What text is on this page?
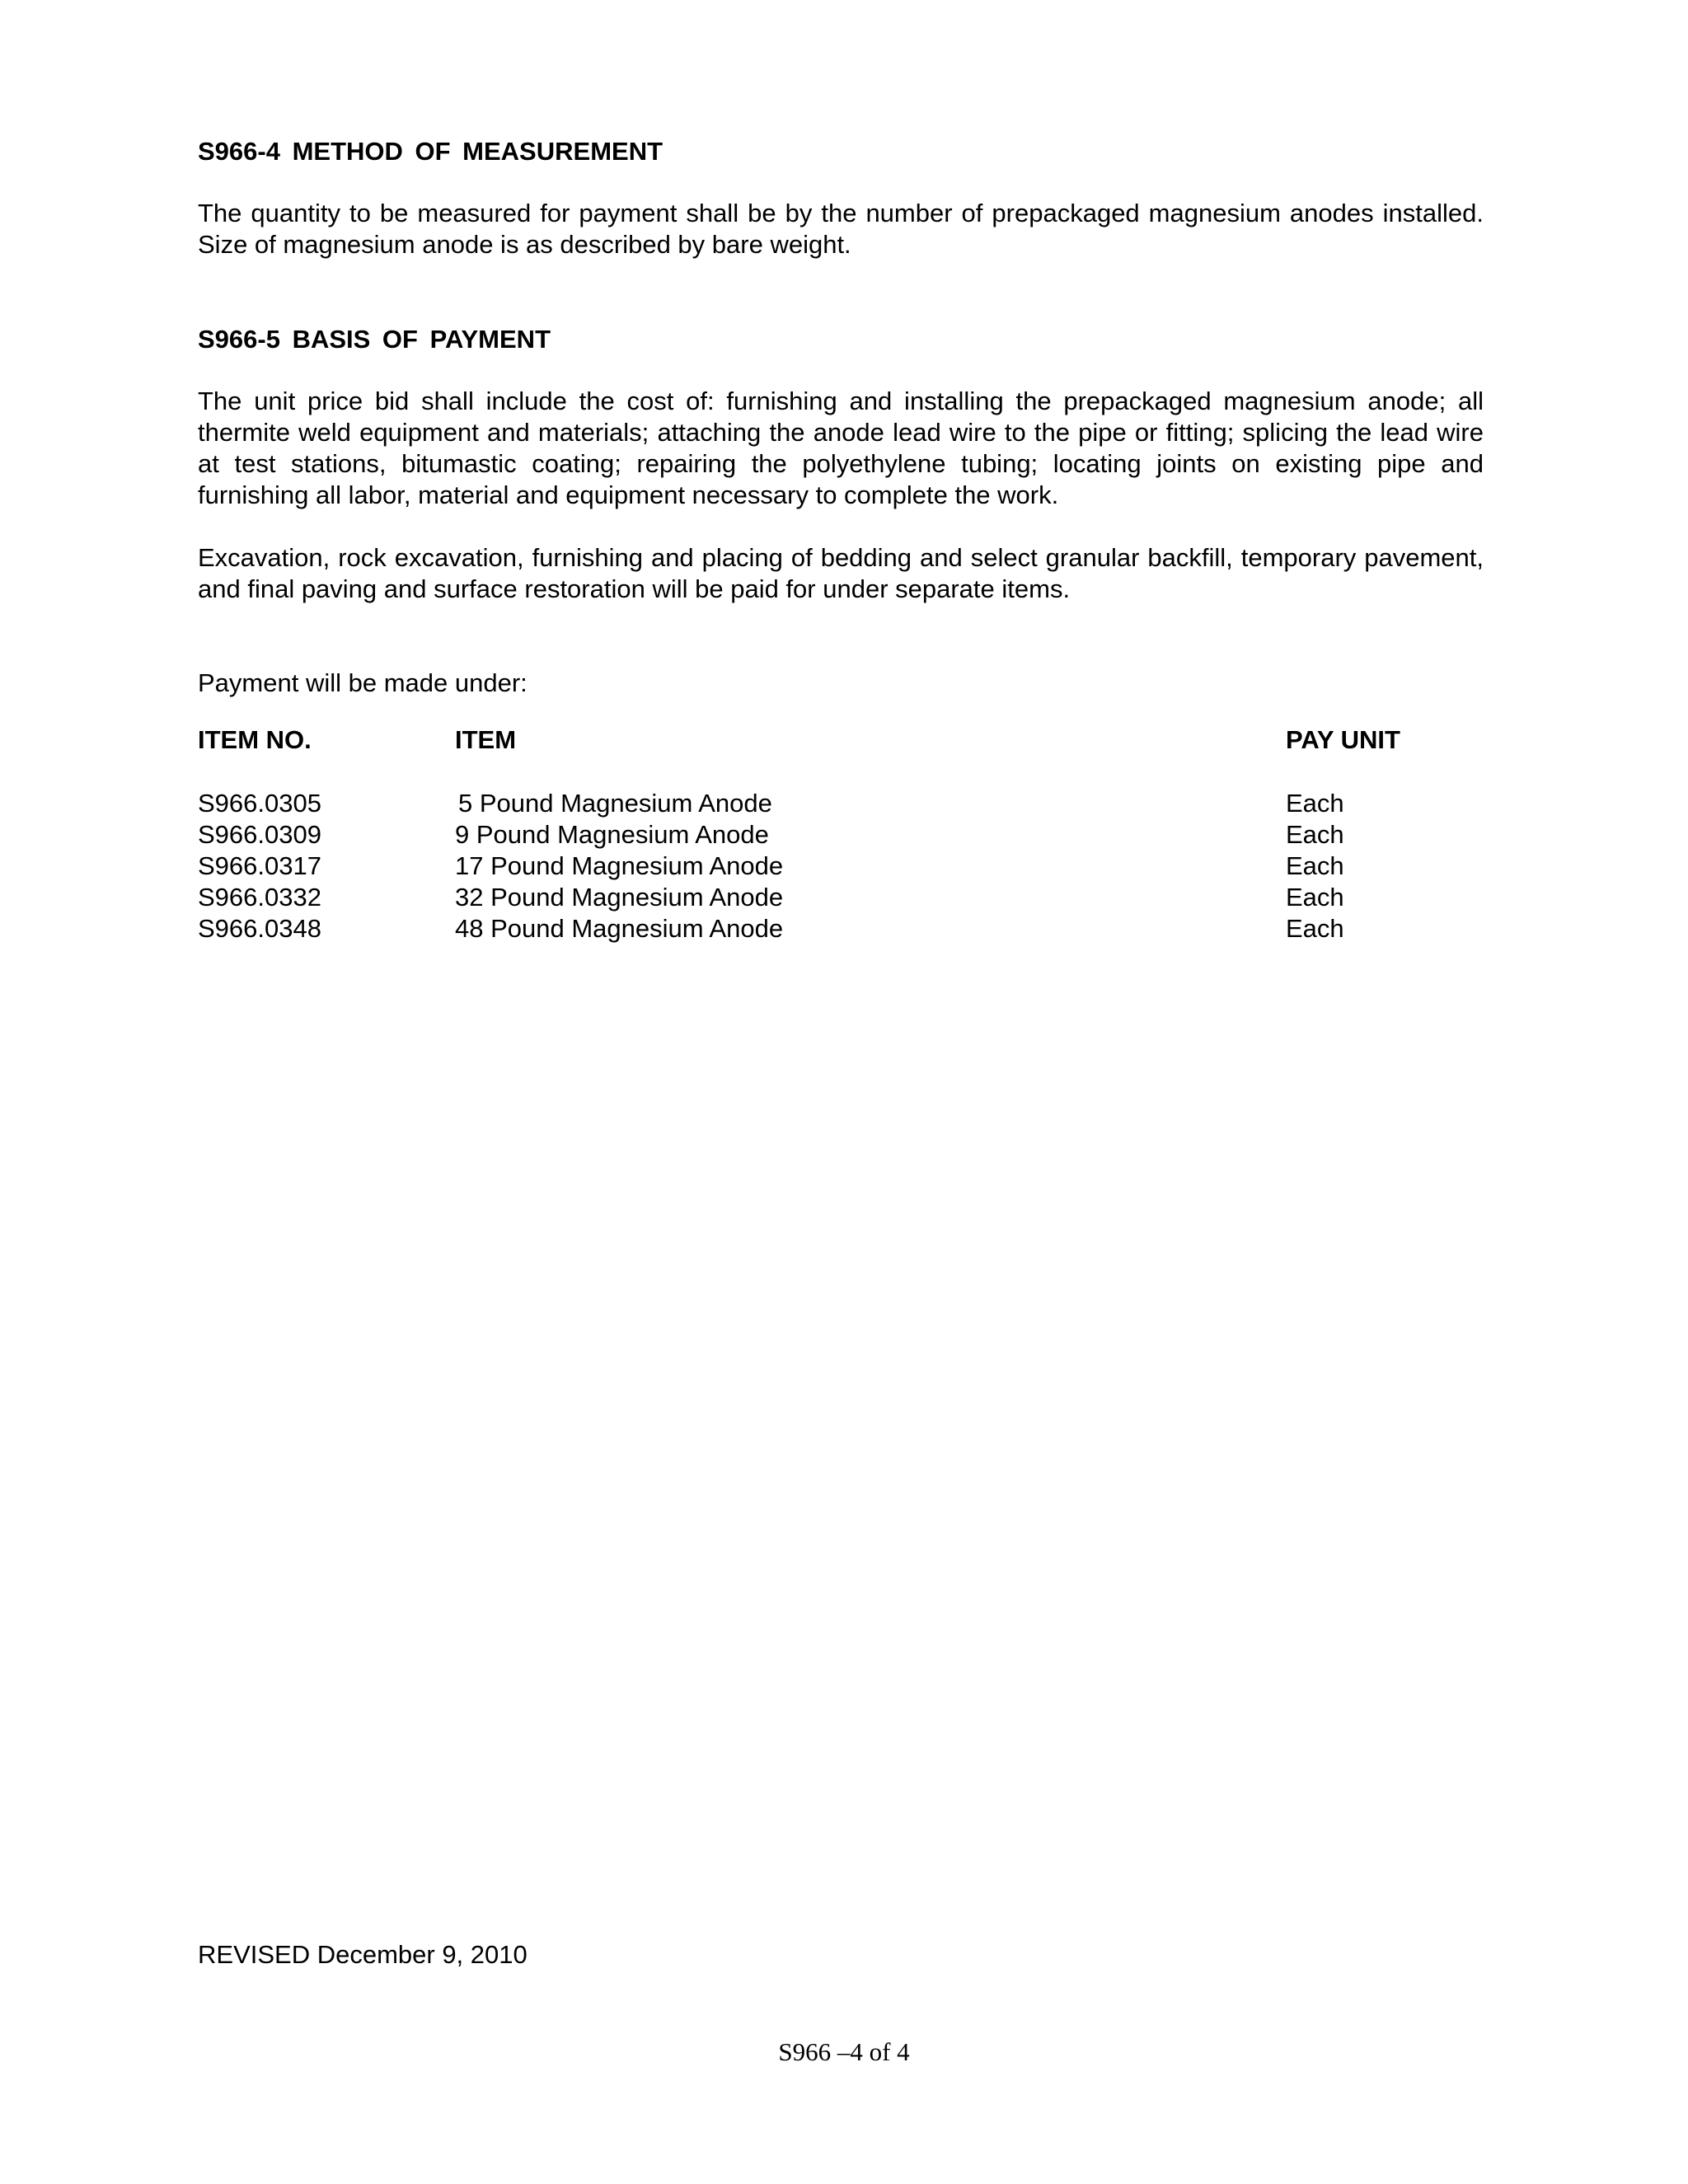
S966-4 METHOD OF MEASUREMENT

The quantity to be measured for payment shall be by the number of prepackaged magnesium anodes installed. Size of magnesium anode is as described by bare weight.

S966-5 BASIS OF PAYMENT

The unit price bid shall include the cost of: furnishing and installing the prepackaged magnesium anode; all thermite weld equipment and materials; attaching the anode lead wire to the pipe or fitting; splicing the lead wire at test stations, bitumastic coating; repairing the polyethylene tubing; locating joints on existing pipe and furnishing all labor, material and equipment necessary to complete the work.

Excavation, rock excavation, furnishing and placing of bedding and select granular backfill, temporary pavement, and final paving and surface restoration will be paid for under separate items.

Payment will be made under:

ITEM NO.	ITEM	PAY UNIT
S966.0305	5 Pound Magnesium Anode	Each
S966.0309	9 Pound Magnesium Anode	Each
S966.0317	17 Pound Magnesium Anode	Each
S966.0332	32 Pound Magnesium Anode	Each
S966.0348	48 Pound Magnesium Anode	Each

REVISED December 9, 2010

S966 –4 of 4
